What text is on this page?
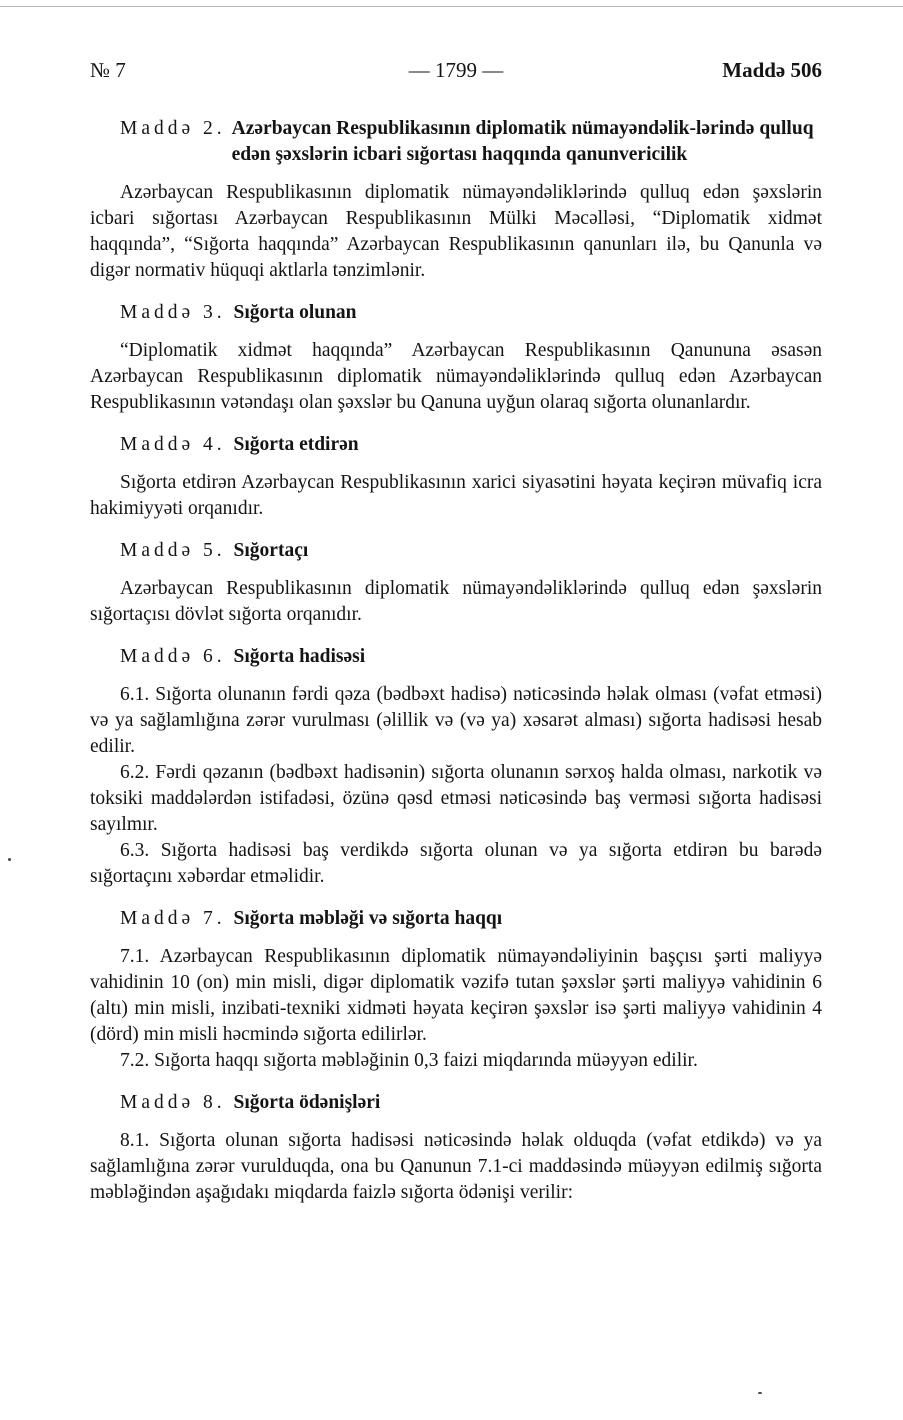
№ 7	— 1799 —	Maddə 506
Maddə 2. Azərbaycan Respublikasının diplomatik nümayəndəlik-lərində qulluq edən şəxslərin icbari sığortası haqqında qanunvericilik

Azərbaycan Respublikasının diplomatik nümayəndəliklərində qulluq edən şəxslərin icbari sığortası Azərbaycan Respublikasının Mülki Məcəlləsi, “Diplomatik xidmət haqqında”, “Sığorta haqqında” Azərbaycan Respublikasının qanunları ilə, bu Qanunla və digər normativ hüquqi aktlarla tənzimlənir.

Maddə 3. Sığorta olunan

“Diplomatik xidmət haqqında” Azərbaycan Respublikasının Qanununa əsasən Azərbaycan Respublikasının diplomatik nümayəndəliklərində qulluq edən Azərbaycan Respublikasının vətəndaşı olan şəxslər bu Qanuna uyğun olaraq sığorta olunanlardır.

Maddə 4. Sığorta etdirən

Sığorta etdirən Azərbaycan Respublikasının xarici siyasətini həyata keçirən müvafiq icra hakimiyyəti orqanıdır.

Maddə 5. Sığortaçı

Azərbaycan Respublikasının diplomatik nümayəndəliklərində qulluq edən şəxslərin sığortaçısı dövlət sığorta orqanıdır.

Maddə 6. Sığorta hadisəsi

6.1. Sığorta olunanın fərdi qəza (bədbəxt hadisə) nəticəsində həlak olması (vəfat etməsi) və ya sağlamlığına zərər vurulması (əlillik və (və ya) xəsarət alması) sığorta hadisəsi hesab edilir.

6.2. Fərdi qəzanın (bədbəxt hadisənin) sığorta olunanın sərxoş halda olması, narkotik və toksiki maddələrdən istifadəsi, özünə qəsd etməsi nəticəsində baş verməsi sığorta hadisəsi sayılmır.

6.3. Sığorta hadisəsi baş verdikdə sığorta olunan və ya sığorta etdirən bu barədə sığortaçını xəbərdar etməlidir.

Maddə 7. Sığorta məbləği və sığorta haqqı

7.1. Azərbaycan Respublikasının diplomatik nümayəndəliyinin başçısı şərti maliyyə vahidinin 10 (on) min misli, digər diplomatik vəzifə tutan şəxslər şərti maliyyə vahidinin 6 (altı) min misli, inzibati-texniki xidməti həyata keçirən şəxslər isə şərti maliyyə vahidinin 4 (dörd) min misli həcmində sığorta edilirlər.

7.2. Sığorta haqqı sığorta məbləğinin 0,3 faizi miqdarında müəyyən edilir.

Maddə 8. Sığorta ödənişləri

8.1. Sığorta olunan sığorta hadisəsi nəticəsində həlak olduqda (vəfat etdikdə) və ya sağlamlığına zərər vurulduqda, ona bu Qanunun 7.1-ci maddəsində müəyyən edilmiş sığorta məbləğindən aşağıdakı miqdarda faizlə sığorta ödənişi verilir:
